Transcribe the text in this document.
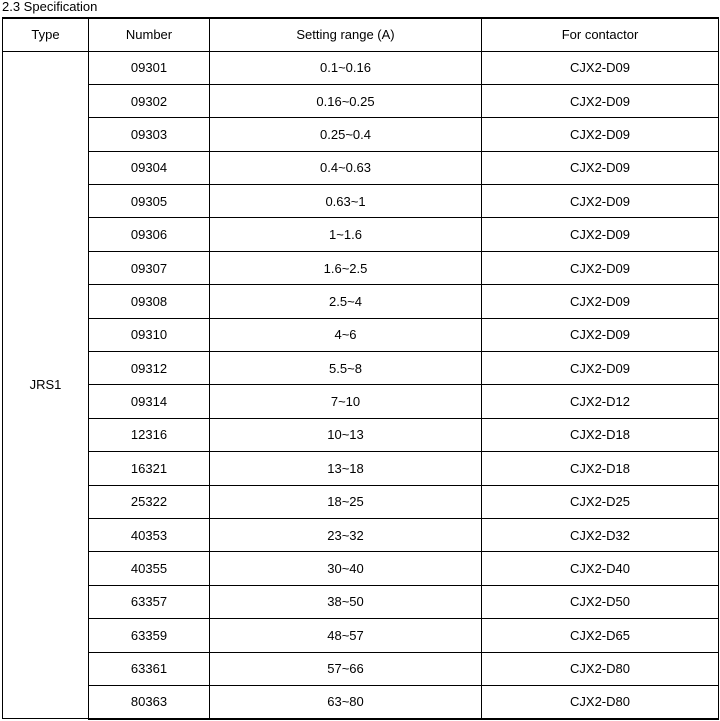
2.3 Specification
Type	Number	Setting range (A)	For contactor
JRS1	09301	0.1~0.16	CJX2-D09
	09302	0.16~0.25	CJX2-D09
	09303	0.25~0.4	CJX2-D09
	09304	0.4~0.63	CJX2-D09
	09305	0.63~1	CJX2-D09
	09306	1~1.6	CJX2-D09
	09307	1.6~2.5	CJX2-D09
	09308	2.5~4	CJX2-D09
	09310	4~6	CJX2-D09
	09312	5.5~8	CJX2-D09
	09314	7~10	CJX2-D12
	12316	10~13	CJX2-D18
	16321	13~18	CJX2-D18
	25322	18~25	CJX2-D25
	40353	23~32	CJX2-D32
	40355	30~40	CJX2-D40
	63357	38~50	CJX2-D50
	63359	48~57	CJX2-D65
	63361	57~66	CJX2-D80
	80363	63~80	CJX2-D80
